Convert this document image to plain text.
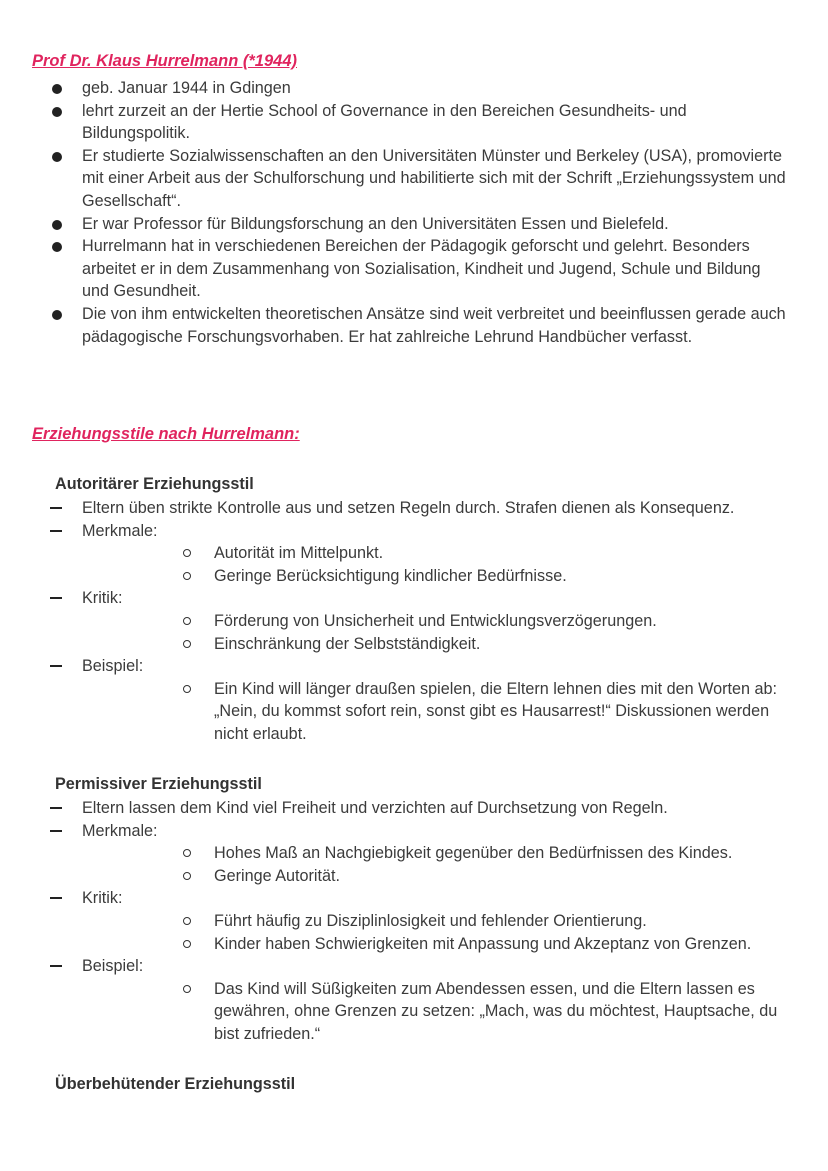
Prof Dr. Klaus Hurrelmann (*1944)
geb. Januar 1944 in Gdingen
lehrt zurzeit an der Hertie School of Governance in den Bereichen Gesundheits- und Bildungspolitik.
Er studierte Sozialwissenschaften an den Universitäten Münster und Berkeley (USA), promovierte mit einer Arbeit aus der Schulforschung und habilitierte sich mit der Schrift „Erziehungssystem und Gesellschaft“.
Er war Professor für Bildungsforschung an den Universitäten Essen und Bielefeld.
Hurrelmann hat in verschiedenen Bereichen der Pädagogik geforscht und gelehrt. Besonders arbeitet er in dem Zusammenhang von Sozialisation, Kindheit und Jugend, Schule und Bildung und Gesundheit.
Die von ihm entwickelten theoretischen Ansätze sind weit verbreitet und beeinflussen gerade auch pädagogische Forschungsvorhaben. Er hat zahlreiche Lehrund Handbücher verfasst.
Erziehungsstile nach Hurrelmann:
Autoritärer Erziehungsstil
Eltern üben strikte Kontrolle aus und setzen Regeln durch. Strafen dienen als Konsequenz.
Merkmale:
Autorität im Mittelpunkt.
Geringe Berücksichtigung kindlicher Bedürfnisse.
Kritik:
Förderung von Unsicherheit und Entwicklungsverzögerungen.
Einschränkung der Selbstständigkeit.
Beispiel:
Ein Kind will länger draußen spielen, die Eltern lehnen dies mit den Worten ab: „Nein, du kommst sofort rein, sonst gibt es Hausarrest!“ Diskussionen werden nicht erlaubt.
Permissiver Erziehungsstil
Eltern lassen dem Kind viel Freiheit und verzichten auf Durchsetzung von Regeln.
Merkmale:
Hohes Maß an Nachgiebigkeit gegenüber den Bedürfnissen des Kindes.
Geringe Autorität.
Kritik:
Führt häufig zu Disziplinlosigkeit und fehlender Orientierung.
Kinder haben Schwierigkeiten mit Anpassung und Akzeptanz von Grenzen.
Beispiel:
Das Kind will Süßigkeiten zum Abendessen essen, und die Eltern lassen es gewähren, ohne Grenzen zu setzen: „Mach, was du möchtest, Hauptsache, du bist zufrieden.“
Überbehütender Erziehungsstil
